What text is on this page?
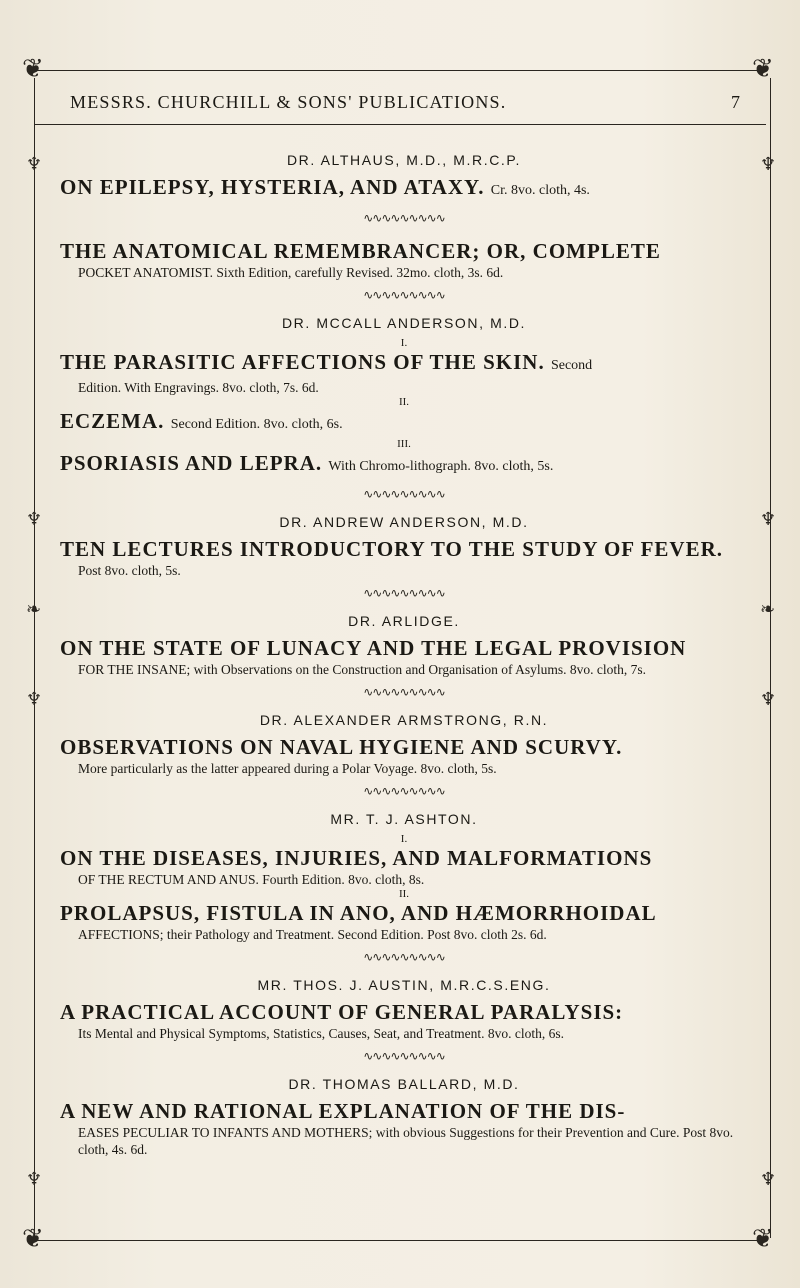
❦	❦
❦	❦
♆
♆
❧
♆
♆
♆
♆
❧
♆
♆
MESSRS. CHURCHILL & SONS' PUBLICATIONS.	7
DR. ALTHAUS, M.D., M.R.C.P.
ON EPILEPSY, HYSTERIA, AND ATAXY. Cr. 8vo. cloth, 4s.
∿∿∿∿∿∿∿∿∿
THE ANATOMICAL REMEMBRANCER; OR, COMPLETE
POCKET ANATOMIST. Sixth Edition, carefully Revised. 32mo. cloth, 3s. 6d.
∿∿∿∿∿∿∿∿∿
DR. MCCALL ANDERSON, M.D.
I.
THE PARASITIC AFFECTIONS OF THE SKIN. Second
Edition. With Engravings. 8vo. cloth, 7s. 6d.
II.
ECZEMA. Second Edition. 8vo. cloth, 6s.
III.
PSORIASIS AND LEPRA. With Chromo-lithograph. 8vo. cloth, 5s.
∿∿∿∿∿∿∿∿∿
DR. ANDREW ANDERSON, M.D.
TEN LECTURES INTRODUCTORY TO THE STUDY OF FEVER.
Post 8vo. cloth, 5s.
∿∿∿∿∿∿∿∿∿
DR. ARLIDGE.
ON THE STATE OF LUNACY AND THE LEGAL PROVISION
FOR THE INSANE; with Observations on the Construction and Organisation of Asylums. 8vo. cloth, 7s.
∿∿∿∿∿∿∿∿∿
DR. ALEXANDER ARMSTRONG, R.N.
OBSERVATIONS ON NAVAL HYGIENE AND SCURVY.
More particularly as the latter appeared during a Polar Voyage. 8vo. cloth, 5s.
∿∿∿∿∿∿∿∿∿
MR. T. J. ASHTON.
I.
ON THE DISEASES, INJURIES, AND MALFORMATIONS
OF THE RECTUM AND ANUS. Fourth Edition. 8vo. cloth, 8s.
II.
PROLAPSUS, FISTULA IN ANO, AND HÆMORRHOIDAL
AFFECTIONS; their Pathology and Treatment. Second Edition. Post 8vo. cloth 2s. 6d.
∿∿∿∿∿∿∿∿∿
MR. THOS. J. AUSTIN, M.R.C.S.ENG.
A PRACTICAL ACCOUNT OF GENERAL PARALYSIS:
Its Mental and Physical Symptoms, Statistics, Causes, Seat, and Treatment. 8vo. cloth, 6s.
∿∿∿∿∿∿∿∿∿
DR. THOMAS BALLARD, M.D.
A NEW AND RATIONAL EXPLANATION OF THE DIS-
EASES PECULIAR TO INFANTS AND MOTHERS; with obvious Suggestions for their Prevention and Cure. Post 8vo. cloth, 4s. 6d.
